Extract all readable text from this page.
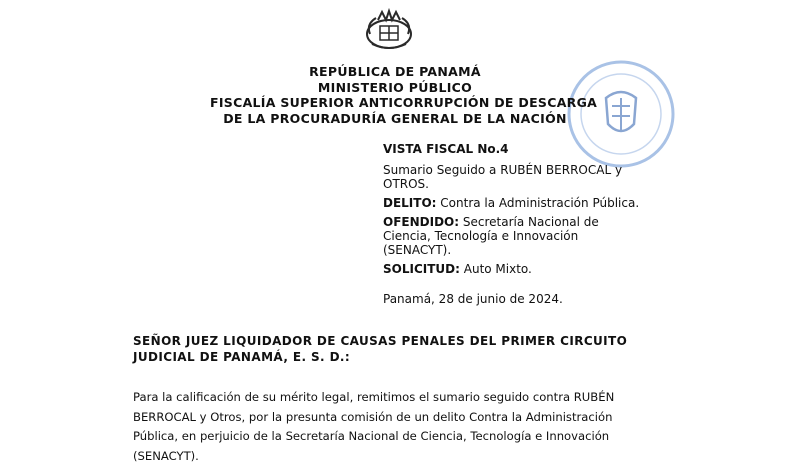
REPÚBLICA DE PANAMÁ
MINISTERIO PÚBLICO
FISCALÍA SUPERIOR ANTICORRUPCIÓN DE DESCARGA
DE LA PROCURADURÍA GENERAL DE LA NACIÓN
VISTA FISCAL No.4
Sumario Seguido a RUBÉN BERROCAL y
OTROS.
DELITO: Contra la Administración Pública.
OFENDIDO: Secretaría Nacional de
Ciencia, Tecnología e Innovación
(SENACYT).
SOLICITUD: Auto Mixto.
Panamá, 28 de junio de 2024.
SEÑOR JUEZ LIQUIDADOR DE CAUSAS PENALES DEL PRIMER CIRCUITO
JUDICIAL DE PANAMÁ, E. S. D.:
Para la calificación de su mérito legal, remitimos el sumario seguido contra RUBÉN
BERROCAL y Otros, por la presunta comisión de un delito Contra la Administración
Pública, en perjuicio de la Secretaría Nacional de Ciencia, Tecnología e Innovación
(SENACYT).
